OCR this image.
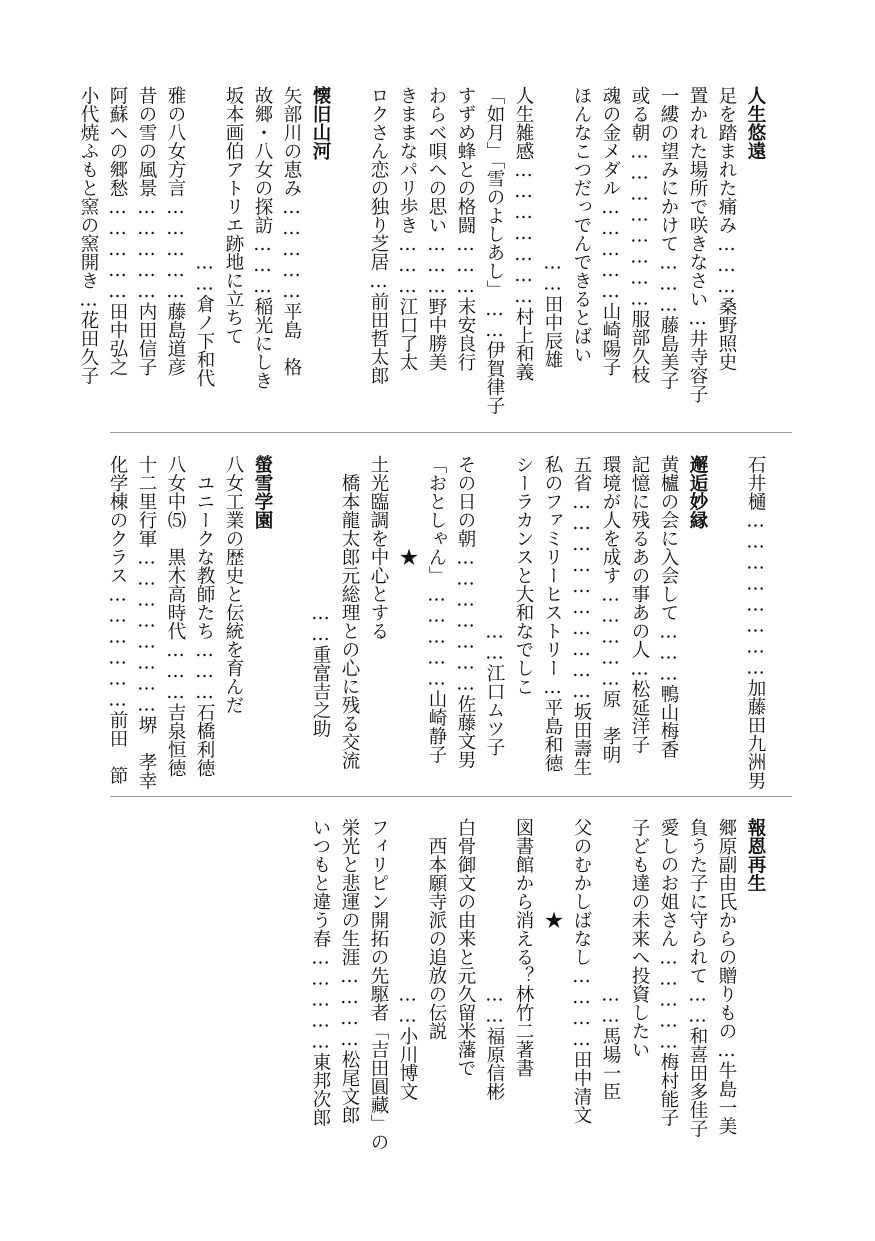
人生悠遠
足を踏まれた痛み………桑野照史
置かれた場所で咲きなさい…井寺容子
一縷の望みにかけて………藤島美子
或る朝……………………服部久枝
魂の金メダル……………山崎陽子
ほんなこつだっでんできるとばい
　　　　　　　　　……田中辰雄
人生雑感…………………村上和義
「如月」「雪のよしあし」……伊賀律子
すずめ蜂との格闘………末安良行
わらべ唄への思い………野中勝美
きままなパリ歩き………江口了太
ロクさん恋の独り芝居…前田哲太郎

懐旧山河
矢部川の恵み……………平島　格
故郷・八女の探訪………稲光にしき
坂本画伯アトリエ跡地に立ちて
　　　　　　　　　……倉ノ下和代
雅の八女方言……………藤島道彦
昔の雪の風景……………内田信子
阿蘇への郷愁……………田中弘之
小代焼ふもと窯の窯開き…花田久子
石井樋……………………加藤田九洲男

邂逅妙縁
黄櫨の会に入会して………鴨山梅香
記憶に残るあの事あの人…松延洋子
環境が人を成す……………原　孝明
五省…………………………坂田壽生
私のファミリーヒストリー…平島和徳
シーラカンスと大和なでしこ
　　　　　　　　　……江口ムツ子
その日の朝…………………佐藤文男
「おとしゃん」……………山崎静子
　　　　　★
土光臨調を中心とする
　橋本龍太郎元総理との心に残る交流
　　　　　　　　……重富吉之助

螢雪学園
八女工業の歴史と伝統を育んだ
　ユニークな教師たち………石橋利徳
八女中⑸　黒木高時代………吉泉恒徳
十二里行軍……………………堺　孝幸
化学棟のクラス………………前田　節
報恩再生
郷原副由氏からの贈りもの…牛島一美
負うた子に守られて……和喜田多佳子
愛しのお姐さん……………梅村能子
子ども達の未来へ投資したい
　　　　　　　　　……馬場一臣
父のむかしばなし…………田中清文
　　　　　★
図書館から消える？林竹二著書
　　　　　　　　　……福原信彬
白骨御文の由来と元久留米藩で
　西本願寺派の追放の伝説
　　　　　　　　　……小川博文
フィリピン開拓の先駆者「吉田圓藏」の
栄光と悲運の生涯…………松尾文郎
いつもと違う春……………東邦次郎
